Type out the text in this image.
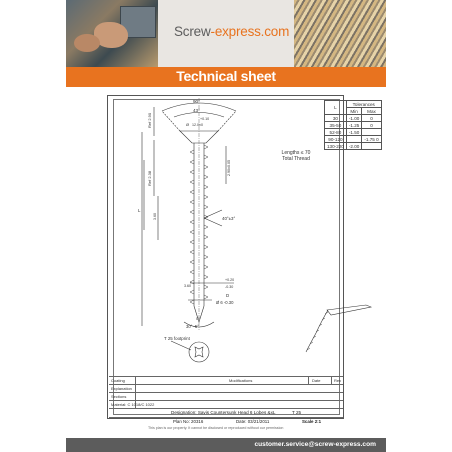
Screw-express.com
Technical sheet
90°
43°
+0.10
12.0±0
Ø
Ref 2.90
Ref 2.38
2.90±0.05
L
40°±3°
3.60
+0.20
-0.30
3.60
D
Ø 6 -0.30
0°
30° -5°
T 25 footprint
L	Tolerances	
	Min	Max
30	-1.00	0
35-50	-1.25	0
52-80	-1.50	
90-120		-1.75 0
130-220	-2.00	
Lengths ≤ 70
Total Thread
Coating	Modifications	Date	Rev
Explanation
Sections
Material: C 1018/C 1022
Designation: Savis Countersunk Head 6 Lobes &xL	T 25
Plan No: 20316	Date: 03/21/2011	Scale 2:1
This plan is our property. It cannot be disclosed or reproduced without our permission
customer.service@screw-express.com
